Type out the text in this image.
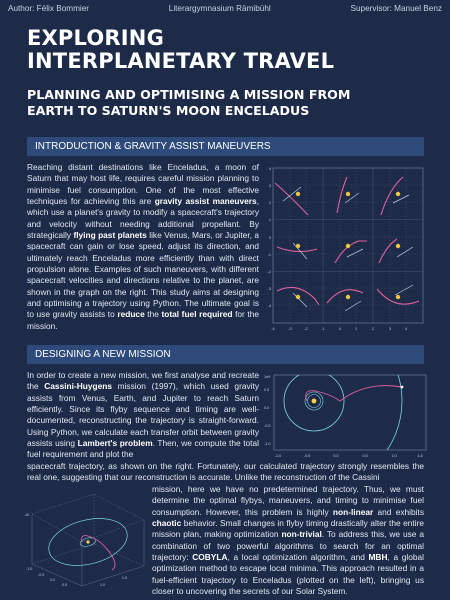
Author: Félix Bommier	Literargymnasium Rämibühl	Supervisor: Manuel Benz
EXPLORING
INTERPLANETARY TRAVEL
PLANNING AND OPTIMISING A MISSION FROM
EARTH TO SATURN'S MOON ENCELADUS
INTRODUCTION & GRAVITY ASSIST MANEUVERS
Reaching distant destinations like Enceladus, a moon of Saturn that may host life, requires careful mission planning to minimise fuel consumption. One of the most effective techniques for achieving this are gravity assist maneuvers, which use a planet's gravity to modify a spacecraft's trajectory and velocity without needing additional propellant. By strategically flying past planets like Venus, Mars, or Jupiter, a spacecraft can gain or lose speed, adjust its direction, and ultimately reach Enceladus more efficiently than with direct propulsion alone. Examples of such maneuvers, with different spacecraft velocities and directions relative to the planet, are shown in the graph on the right. This study aims at designing and optimising a trajectory using Python. The ultimate goal is to use gravity assists to reduce the total fuel required for the mission.	-4	-3	-2	-1	0	1	2	3	4
4
3
2
1
0
-1
-2
-3
-4
DESIGNING A NEW MISSION
In order to create a new mission, we first analyse and recreate the Cassini-Huygens mission (1997), which used gravity assists from Venus, Earth, and Jupiter to reach Saturn efficiently. Since its flyby sequence and timing are well-documented, reconstructing the trajectory is straight-forward. Using Python, we calculate each transfer orbit between gravity assists using Lambert's problem. Then, we compute the total fuel requirement and plot the
1e9
0.5
0.0
-0.5
-1.0
-1.0	-0.5	0.0	0.5	1.0	1.5
spacecraft trajectory, as shown on the right. Fortunately, our calculated trajectory strongly resembles the real one, suggesting that our reconstruction is accurate. Unlike the reconstruction of the Cassini
-10
-1.0
-0.5
0.0
0.5	1.0
1.5
mission, here we have no predetermined trajectory. Thus, we must determine the optimal flybys, maneuvers, and timing to minimise fuel consumption. However, this problem is highly non-linear and exhibits chaotic behavior. Small changes in flyby timing drastically alter the entire mission plan, making optimization non-trivial. To address this, we use a combination of two powerful algorithms to search for an optimal trajectory: COBYLA, a local optimization algorithm, and MBH, a global optimization method to escape local minima. This approach resulted in a fuel-efficient trajectory to Enceladus (plotted on the left), bringing us closer to uncovering the secrets of our Solar System.
